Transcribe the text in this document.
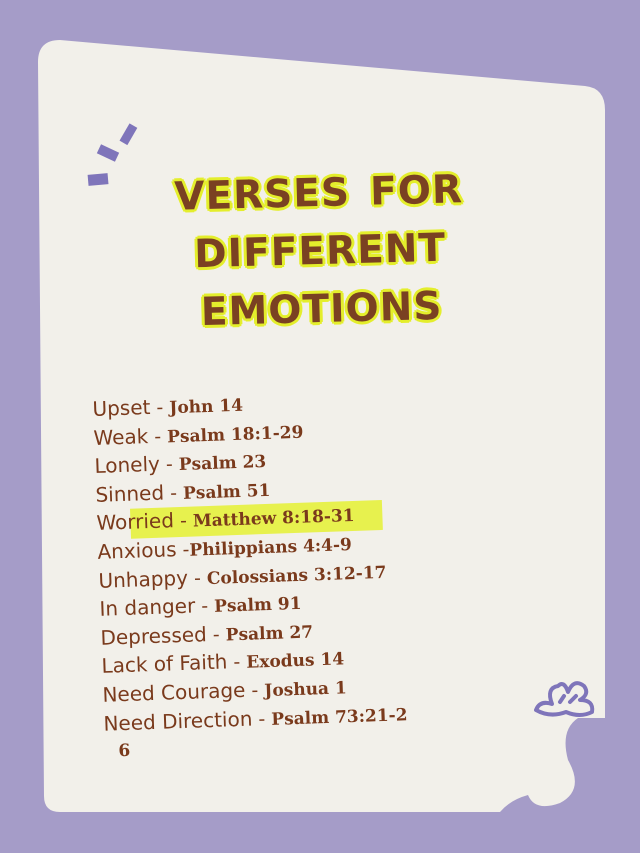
verses for
different
emotions
Upset - John 14
Weak - Psalm 18:1-29
Lonely - Psalm 23
Sinned - Psalm 51
Worried - Matthew 8:18-31
Anxious -Philippians 4:4-9
Unhappy - Colossians 3:12-17
In danger - Psalm 91
Depressed - Psalm 27
Lack of Faith - Exodus 14
Need Courage - Joshua 1
Need Direction - Psalm 73:21-2
6
